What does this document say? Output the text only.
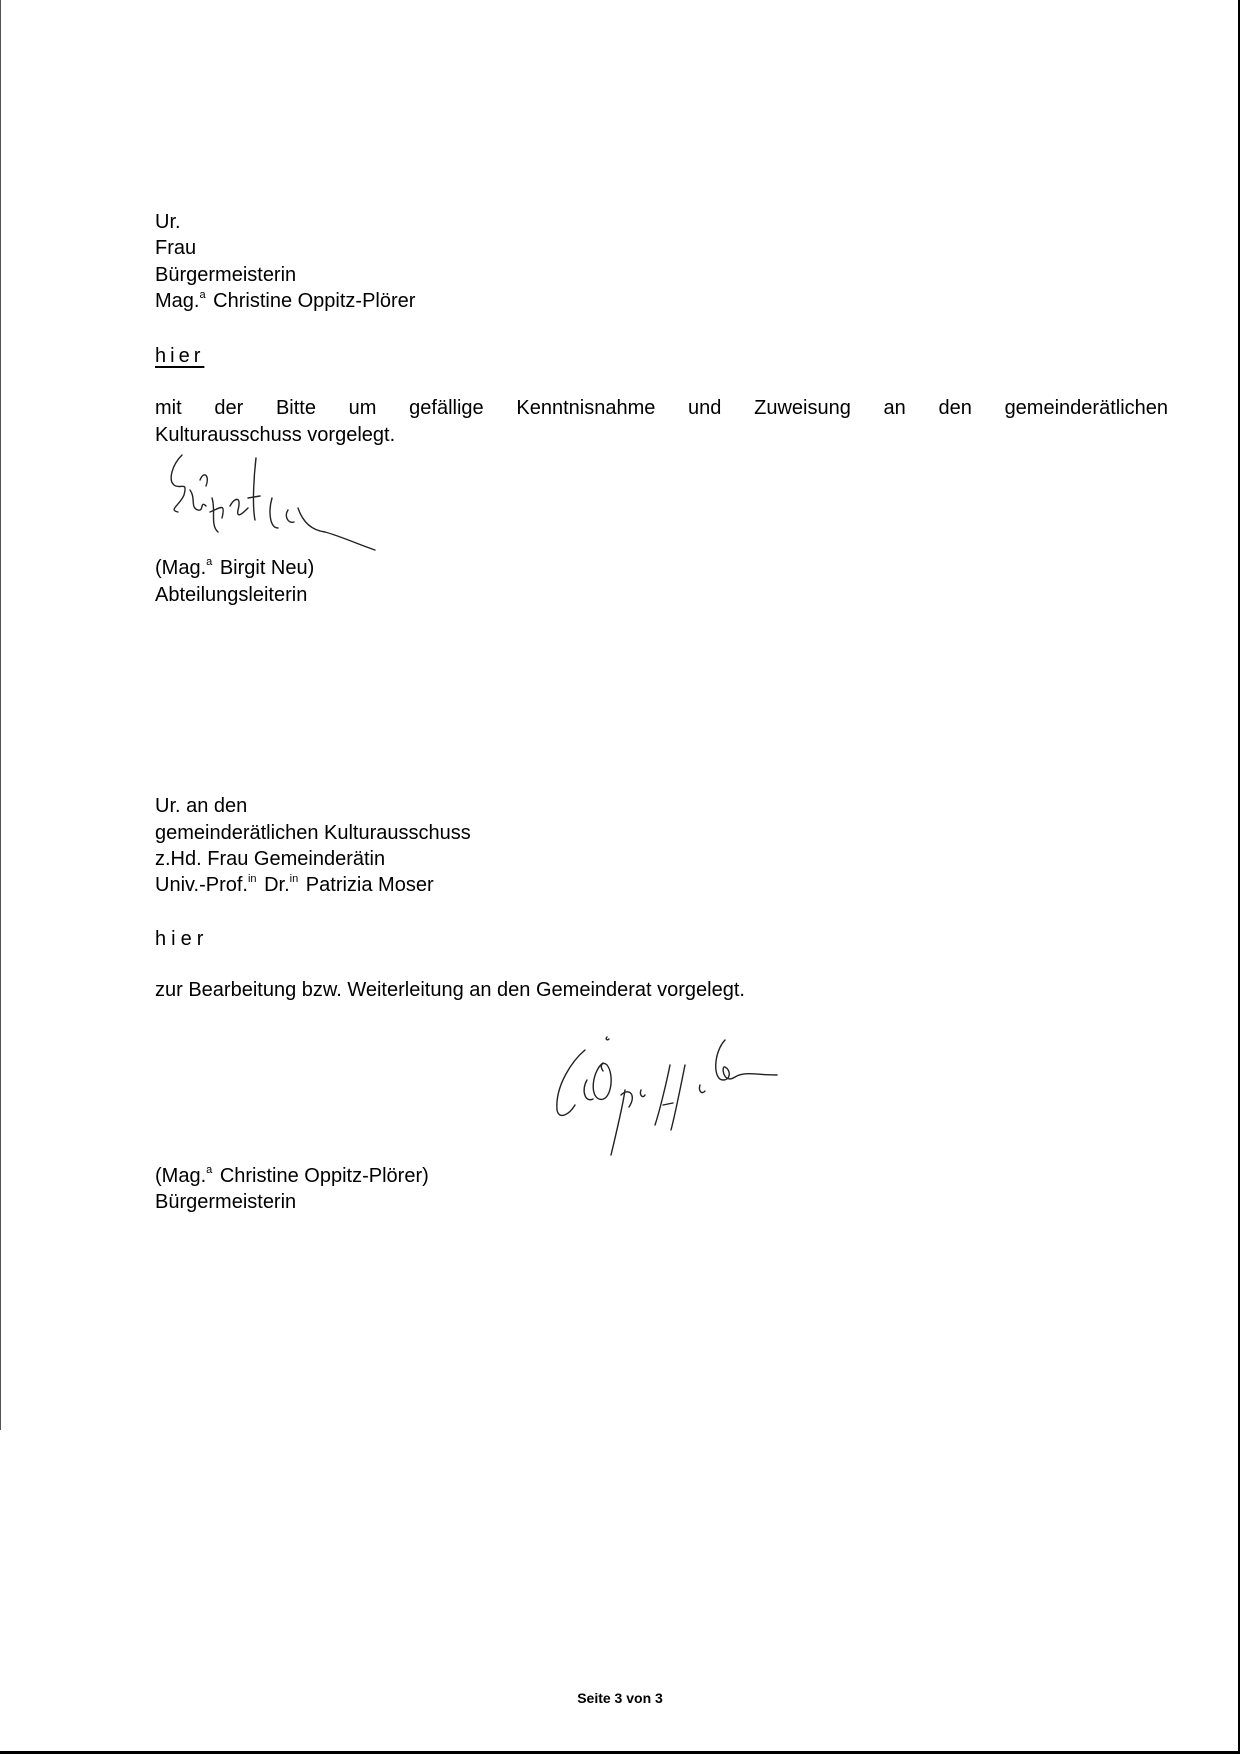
Ur.
Frau
Bürgermeisterin
Mag.$^a$ Christine Oppitz-Plörer
hier
mit der Bitte um gefällige Kenntnisnahme und Zuweisung an den gemeinderätlichen
Kulturausschuss vorgelegt.
(Mag.$^a$ Birgit Neu)
Abteilungsleiterin
Ur. an den
gemeinderätlichen Kulturausschuss
z.Hd. Frau Gemeinderätin
Univ.-Prof.$^{in}$ Dr.$^{in}$ Patrizia Moser
hier
zur Bearbeitung bzw. Weiterleitung an den Gemeinderat vorgelegt.
(Mag.$^a$ Christine Oppitz-Plörer)
Bürgermeisterin
Seite 3 von 3
